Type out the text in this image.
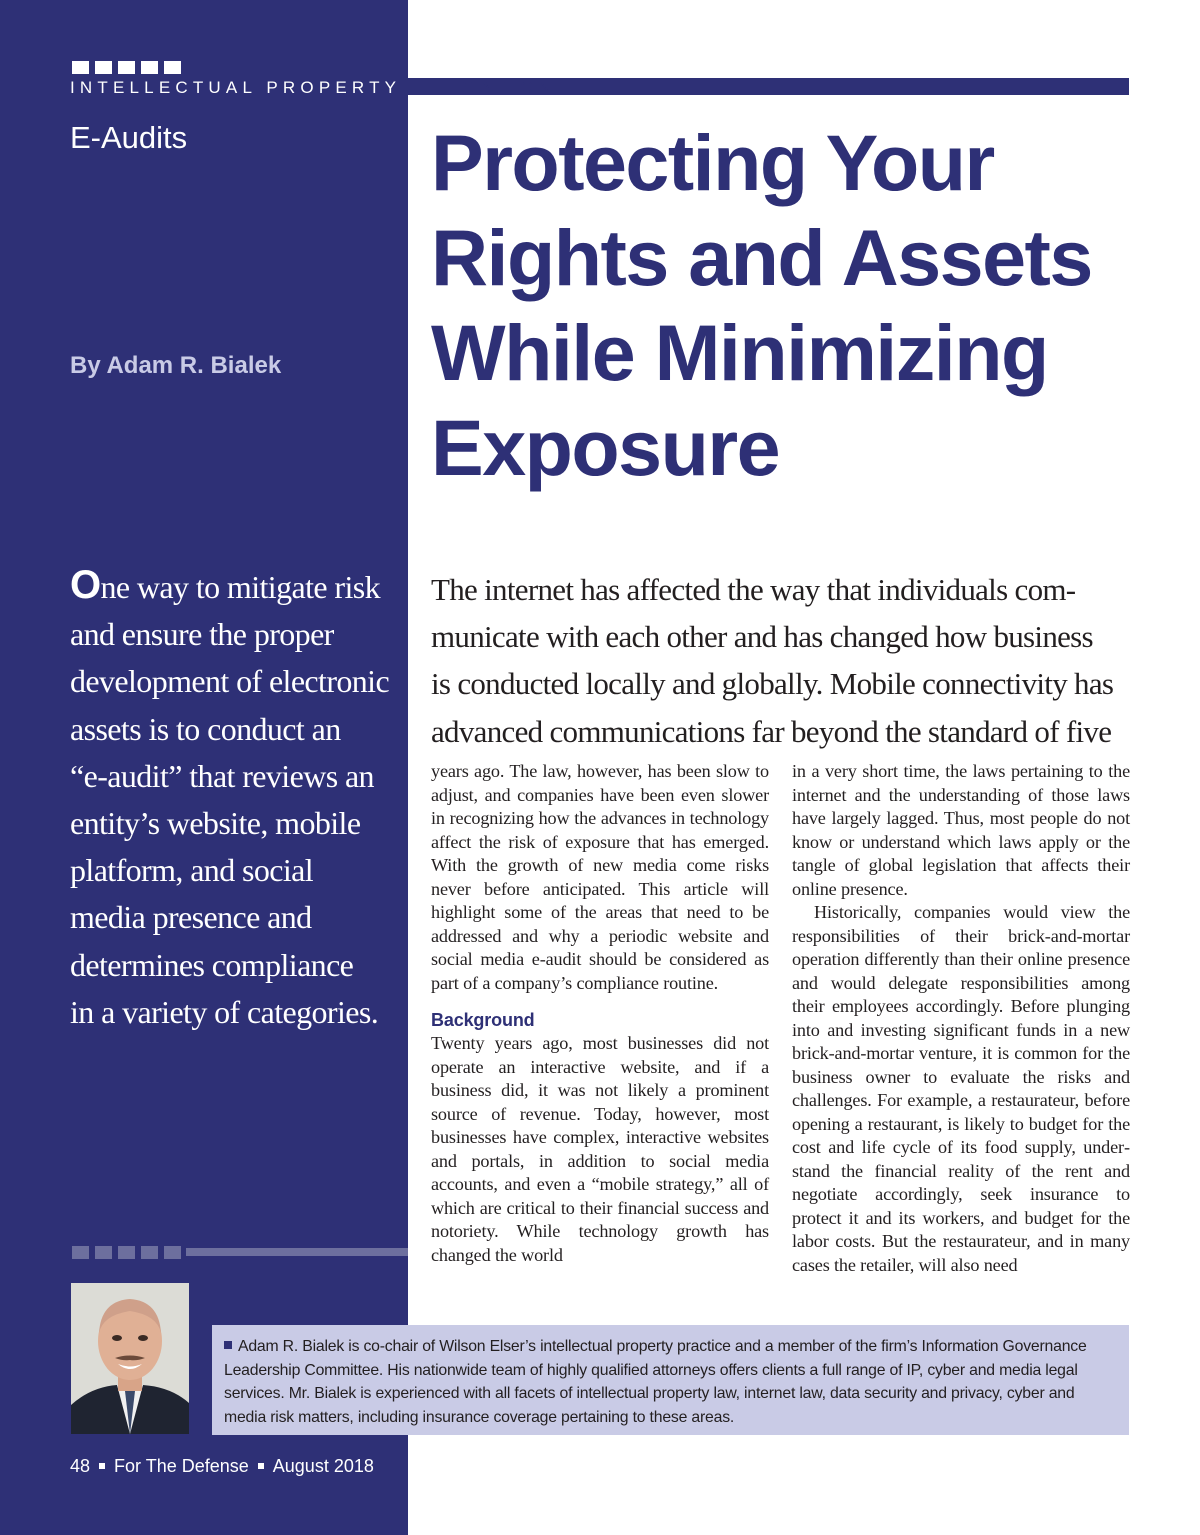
INTELLECTUAL PROPERTY LITIGATION
E-Audits
By Adam R. Bialek
Protecting Your
Rights and Assets
While Minimizing
Exposure
One way to mitigate risk
and ensure the proper
development of electronic
assets is to conduct an
“e-audit” that reviews an
entity’s website, mobile
platform, and social
media presence and
determines compliance
in a variety of categories.
The internet has affected the way that individuals com-
municate with each other and has changed how business
is conducted locally and globally. Mobile connectivity has
advanced communications far beyond the standard of five

years ago. The law, however, has been slow to adjust, and companies have been even slower in recognizing how the advances in technology affect the risk of exposure that has emerged. With the growth of new media come risks never before anticipated. This article will highlight some of the areas that need to be addressed and why a periodic website and social media e-audit should be considered as part of a company’s compliance routine.

Background

Twenty years ago, most businesses did not operate an interactive website, and if a business did, it was not likely a prominent source of revenue. Today, however, most businesses have complex, interactive websites and portals, in addition to social media accounts, and even a “mobile strategy,” all of which are critical to their financial success and notoriety. While technology growth has changed the world

in a very short time, the laws pertaining to the internet and the understanding of those laws have largely lagged. Thus, most people do not know or understand which laws apply or the tangle of global legislation that affects their online presence.

Historically, companies would view the responsibilities of their brick-and-mortar operation differently than their online presence and would delegate responsibilities among their employees accordingly. Before plunging into and investing significant funds in a new brick-and-mortar venture, it is common for the business owner to evaluate the risks and challenges. For example, a restaurateur, before opening a restaurant, is likely to budget for the cost and life cycle of its food supply, understand the financial reality of the rent and negotiate accordingly, seek insurance to protect it and its workers, and budget for the labor costs. But the restaurateur, and in many cases the retailer, will also need

Adam R. Bialek is co-chair of Wilson Elser’s intellectual property practice and a member of the firm’s Information Governance Leadership Committee. His nationwide team of highly qualified attorneys offers clients a full range of IP, cyber and media legal services. Mr. Bialek is experienced with all facets of intellectual property law, internet law, data security and privacy, cyber and media risk matters, including insurance coverage pertaining to these areas.
48 For The Defense August 2018
